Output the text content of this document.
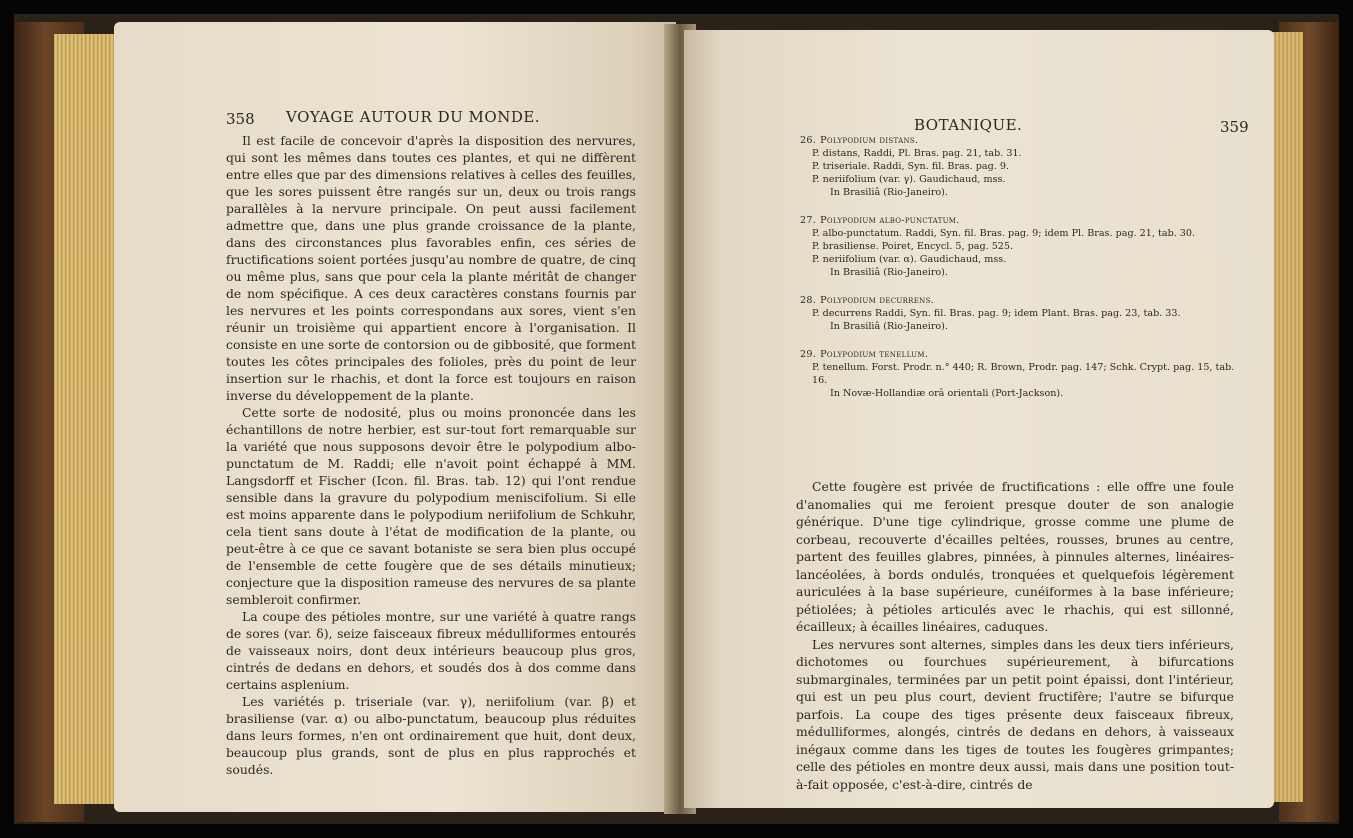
358 VOYAGE AUTOUR DU MONDE.

Il est facile de concevoir d'après la disposition des nervures, qui sont les mêmes dans toutes ces plantes, et qui ne diffèrent entre elles que par des dimensions relatives à celles des feuilles, que les sores puissent être rangés sur un, deux ou trois rangs parallèles à la nervure principale. On peut aussi facilement admettre que, dans une plus grande croissance de la plante, dans des circonstances plus favorables enfin, ces séries de fructifications soient portées jusqu'au nombre de quatre, de cinq ou même plus, sans que pour cela la plante méritât de changer de nom spécifique. A ces deux caractères constans fournis par les nervures et les points correspondans aux sores, vient s'en réunir un troisième qui appartient encore à l'organisation. Il consiste en une sorte de contorsion ou de gibbosité, que forment toutes les côtes principales des folioles, près du point de leur insertion sur le rhachis, et dont la force est toujours en raison inverse du développement de la plante.

Cette sorte de nodosité, plus ou moins prononcée dans les échantillons de notre herbier, est sur-tout fort remarquable sur la variété que nous supposons devoir être le polypodium albo-punctatum de M. Raddi; elle n'avoit point échappé à MM. Langsdorff et Fischer (Icon. fil. Bras. tab. 12) qui l'ont rendue sensible dans la gravure du polypodium meniscifolium. Si elle est moins apparente dans le polypodium neriifolium de Schkuhr, cela tient sans doute à l'état de modification de la plante, ou peut-être à ce que ce savant botaniste se sera bien plus occupé de l'ensemble de cette fougère que de ses détails minutieux; conjecture que la disposition rameuse des nervures de sa plante sembleroit confirmer.

La coupe des pétioles montre, sur une variété à quatre rangs de sores (var. δ), seize faisceaux fibreux médulliformes entourés de vaisseaux noirs, dont deux intérieurs beaucoup plus gros, cintrés de dedans en dehors, et soudés dos à dos comme dans certains asplenium.

Les variétés p. triseriale (var. γ), neriifolium (var. β) et brasiliense (var. α) ou albo-punctatum, beaucoup plus réduites dans leurs formes, n'en ont ordinairement que huit, dont deux, beaucoup plus grands, sont de plus en plus rapprochés et soudés.

BOTANIQUE.	359
26. Polypodium distans.
P. distans, Raddi, Pl. Bras. pag. 21, tab. 31.
P. triseriale. Raddi, Syn. fil. Bras. pag. 9.
P. neriifolium (var. γ). Gaudichaud, mss.
In Brasiliâ (Rio-Janeiro).
27. Polypodium albo-punctatum.
P. albo-punctatum. Raddi, Syn. fil. Bras. pag. 9; idem Pl. Bras. pag. 21, tab. 30.
P. brasiliense. Poiret, Encycl. 5, pag. 525.
P. neriifolium (var. α). Gaudichaud, mss.
In Brasiliâ (Rio-Janeiro).
28. Polypodium decurrens.
P. decurrens Raddi, Syn. fil. Bras. pag. 9; idem Plant. Bras. pag. 23, tab. 33.
In Brasiliâ (Rio-Janeiro).
29. Polypodium tenellum.
P. tenellum. Forst. Prodr. n.° 440; R. Brown, Prodr. pag. 147; Schk. Crypt. pag. 15, tab. 16.
In Novæ-Hollandiæ orâ orientali (Port-Jackson).

Cette fougère est privée de fructifications : elle offre une foule d'anomalies qui me feroient presque douter de son analogie générique. D'une tige cylindrique, grosse comme une plume de corbeau, recouverte d'écailles peltées, rousses, brunes au centre, partent des feuilles glabres, pinnées, à pinnules alternes, linéaires-lancéolées, à bords ondulés, tronquées et quelquefois légèrement auriculées à la base supérieure, cunéiformes à la base inférieure; pétiolées; à pétioles articulés avec le rhachis, qui est sillonné, écailleux; à écailles linéaires, caduques.

Les nervures sont alternes, simples dans les deux tiers inférieurs, dichotomes ou fourchues supérieurement, à bifurcations submarginales, terminées par un petit point épaissi, dont l'intérieur, qui est un peu plus court, devient fructifère; l'autre se bifurque parfois. La coupe des tiges présente deux faisceaux fibreux, médulliformes, alongés, cintrés de dedans en dehors, à vaisseaux inégaux comme dans les tiges de toutes les fougères grimpantes; celle des pétioles en montre deux aussi, mais dans une position tout-à-fait opposée, c'est-à-dire, cintrés de
